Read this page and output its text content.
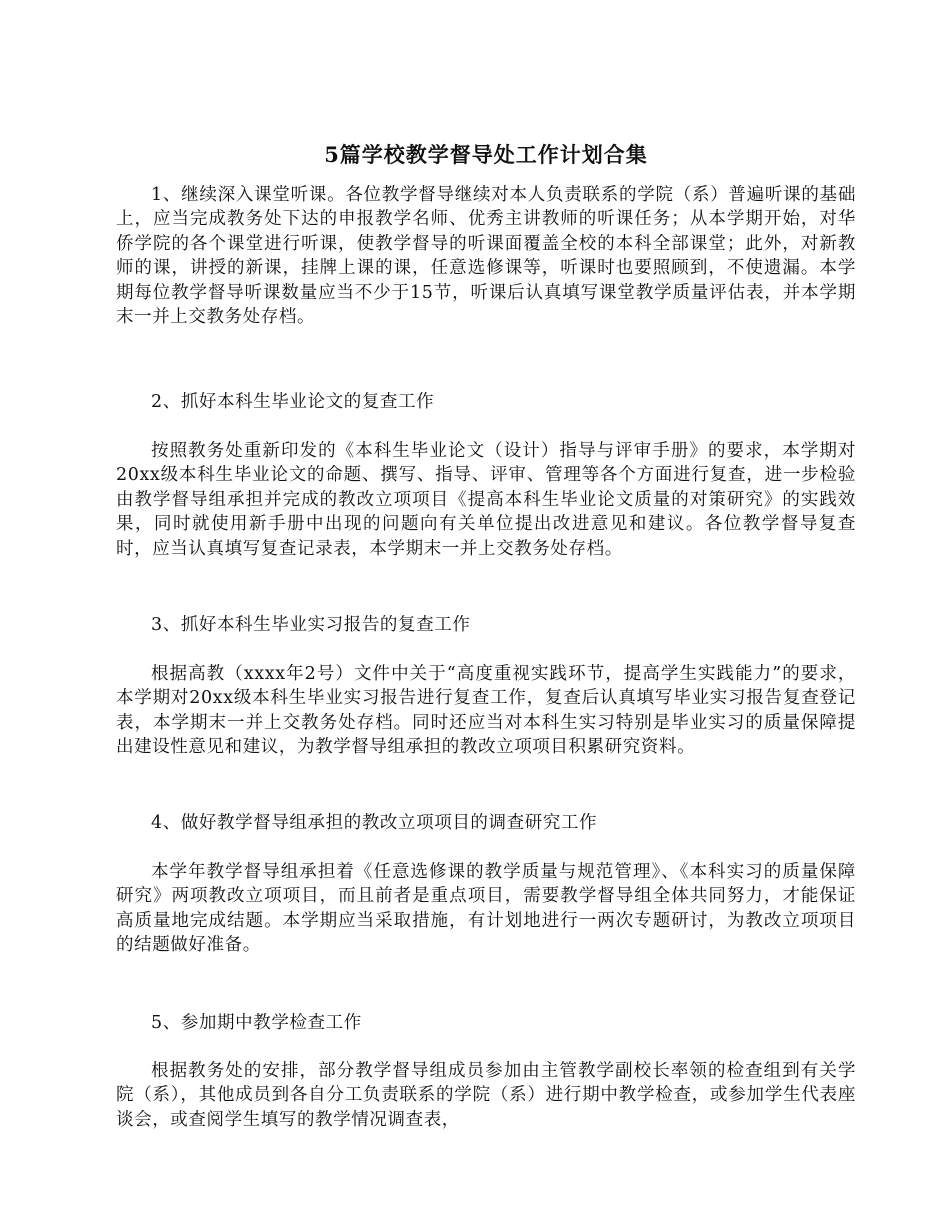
5篇学校教学督导处工作计划合集

1、继续深入课堂听课。各位教学督导继续对本人负责联系的学院（系）普遍听课的基础上，应当完成教务处下达的申报教学名师、优秀主讲教师的听课任务；从本学期开始，对华侨学院的各个课堂进行听课，使教学督导的听课面覆盖全校的本科全部课堂；此外，对新教师的课，讲授的新课，挂牌上课的课，任意选修课等，听课时也要照顾到，不使遗漏。本学期每位教学督导听课数量应当不少于15节，听课后认真填写课堂教学质量评估表，并本学期末一并上交教务处存档。

2、抓好本科生毕业论文的复查工作

按照教务处重新印发的《本科生毕业论文（设计）指导与评审手册》的要求，本学期对20xx级本科生毕业论文的命题、撰写、指导、评审、管理等各个方面进行复查，进一步检验由教学督导组承担并完成的教改立项项目《提高本科生毕业论文质量的对策研究》的实践效果，同时就使用新手册中出现的问题向有关单位提出改进意见和建议。各位教学督导复查时，应当认真填写复查记录表，本学期末一并上交教务处存档。

3、抓好本科生毕业实习报告的复查工作

根据高教（xxxx年2号）文件中关于“高度重视实践环节，提高学生实践能力”的要求，本学期对20xx级本科生毕业实习报告进行复查工作，复查后认真填写毕业实习报告复查登记表，本学期末一并上交教务处存档。同时还应当对本科生实习特别是毕业实习的质量保障提出建设性意见和建议，为教学督导组承担的教改立项项目积累研究资料。

4、做好教学督导组承担的教改立项项目的调查研究工作

本学年教学督导组承担着《任意选修课的教学质量与规范管理》、《本科实习的质量保障研究》两项教改立项项目，而且前者是重点项目，需要教学督导组全体共同努力，才能保证高质量地完成结题。本学期应当采取措施，有计划地进行一两次专题研讨，为教改立项项目的结题做好准备。

5、参加期中教学检查工作

根据教务处的安排，部分教学督导组成员参加由主管教学副校长率领的检查组到有关学院（系），其他成员到各自分工负责联系的学院（系）进行期中教学检查，或参加学生代表座谈会，或查阅学生填写的教学情况调查表，
